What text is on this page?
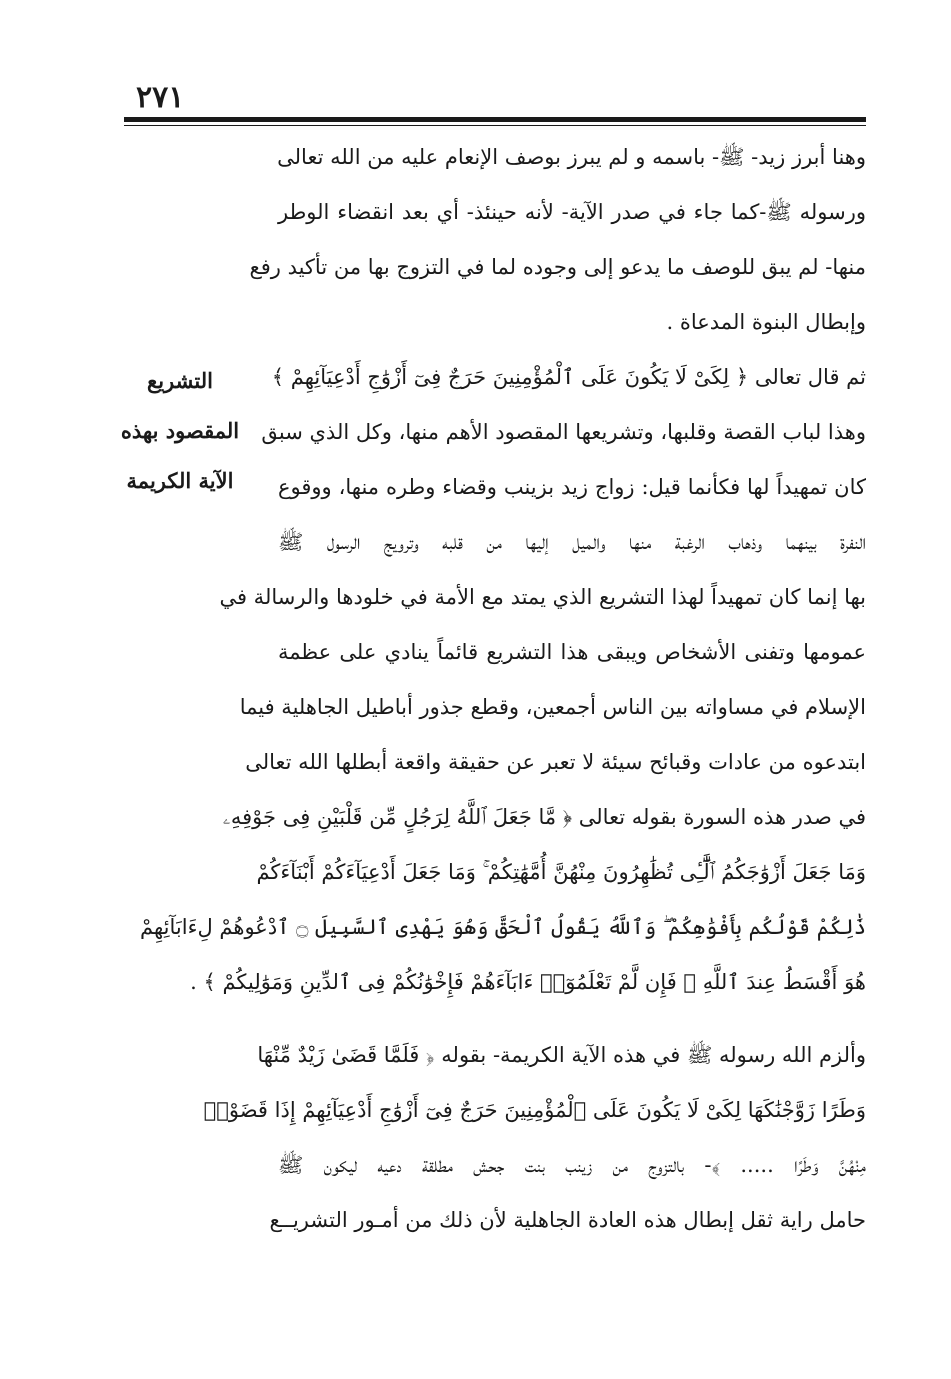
٢٧١
التشريع
المقصود بهذه
الآية الكريمة
وهنا أبرز زيد- ﷺ- باسمه و لم يبرز بوصف الإنعام عليه من الله تعالى
ورسوله ﷺ-كما جاء في صدر الآية- لأنه حينئذ- أي بعد انقضاء الوطر
منها- لم يبق للوصف ما يدعو إلى وجوده لما في التزوج بها من تأكيد رفع
وإبطال البنوة المدعاة .
ثم قال تعالى ﴿ لِكَىْ لَا يَكُونَ عَلَى ٱلْمُؤْمِنِينَ حَرَجٌ فِىٓ أَزْوَٰجِ أَدْعِيَآئِهِمْ ﴾
وهذا لباب القصة وقلبها، وتشريعها المقصود الأهم منها، وكل الذي سبق
كان تمهيداً لها فكأنما قيل: زواج زيد بزينب وقضاء وطره منها، ووقوع
النفرة بينهما وذهاب الرغبة منها والميل إليها من قلبه وترويج الرسول ﷺ
بها إنما كان تمهيداً لهذا التشريع الذي يمتد مع الأمة في خلودها والرسالة في
عمومها وتفنى الأشخاص ويبقى هذا التشريع قائماً ينادي على عظمة
الإسلام في مساواته بين الناس أجمعين، وقطع جذور أباطيل الجاهلية فيما
ابتدعوه من عادات وقبائح سيئة لا تعبر عن حقيقة واقعة أبطلها الله تعالى
في صدر هذه السورة بقوله تعالى ﴿ مَّا جَعَلَ ٱللَّهُ لِرَجُلٍ مِّن قَلْبَيْنِ فِى جَوْفِهِۦ
وَمَا جَعَلَ أَزْوَٰجَكُمُ ٱلَّٰٓـِٔى تُظَٰهِرُونَ مِنْهُنَّ أُمَّهَٰتِكُمْ ۚ وَمَا جَعَلَ أَدْعِيَآءَكُمْ أَبْنَآءَكُمْ
ذَٰلِكُمْ قَوْلُكُم بِأَفْوَٰهِكُمْ ۖ وَٱللَّهُ يَقُولُ ٱلْحَقَّ وَهُوَ يَهْدِى ٱلسَّبِيلَ ۝ ٱدْعُوهُمْ لِءَابَآئِهِمْ
هُوَ أَقْسَطُ عِندَ ٱللَّهِ ۚ فَإِن لَّمْ تَعْلَمُوٓا۟ ءَابَآءَهُمْ فَإِخْوَٰنُكُمْ فِى ٱلدِّينِ وَمَوَٰلِيكُمْ ﴾ .
وألزم الله رسوله ﷺ في هذه الآية الكريمة- بقوله ﴿ فَلَمَّا قَضَىٰ زَيْدٌ مِّنْهَا
وَطَرًا زَوَّجْنَٰكَهَا لِكَىْ لَا يَكُونَ عَلَى ٱلْمُؤْمِنِينَ حَرَجٌ فِىٓ أَزْوَٰجِ أَدْعِيَآئِهِمْ إِذَا قَضَوْا۟
مِنْهُنَّ وَطَرًا ..... ﴾- بالتزوج من زينب بنت جحش مطلقة دعيه ليكون ﷺ
حامل راية ثقل إبطال هذه العادة الجاهلية لأن ذلك من أمـور التشريــع
